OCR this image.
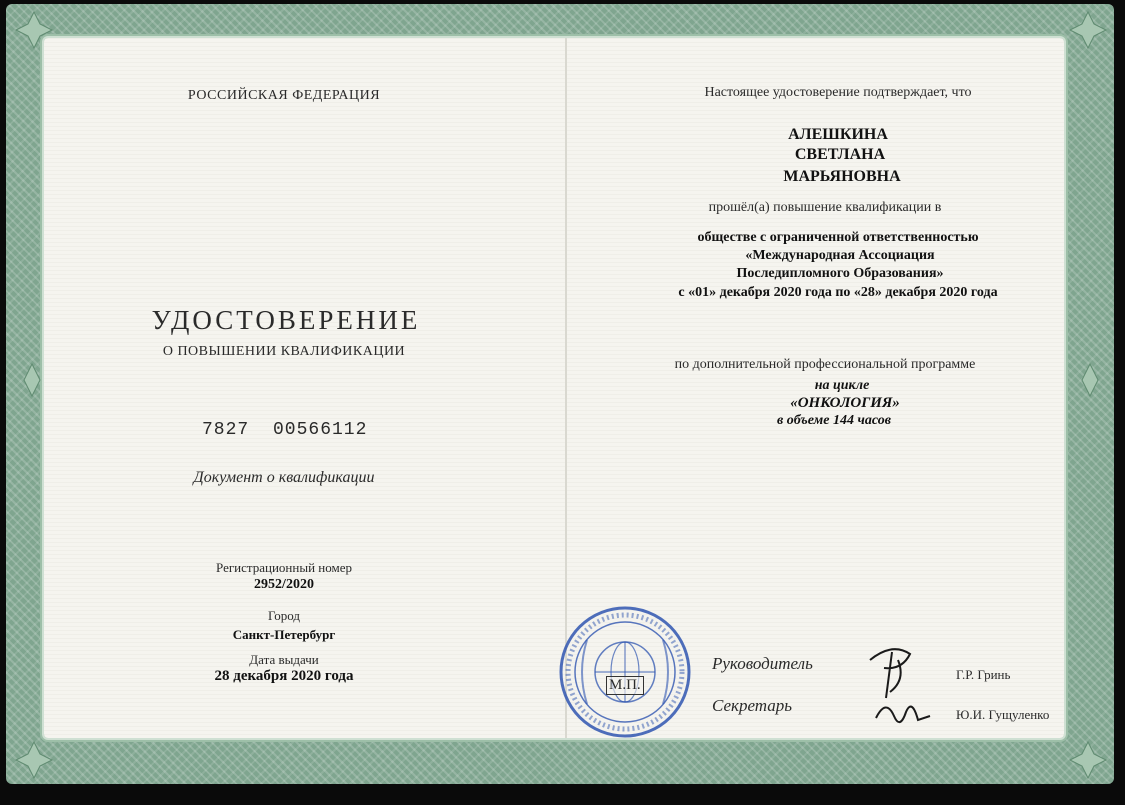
РОССИЙСКАЯ ФЕДЕРАЦИЯ
УДОСТОВЕРЕНИЕ
О ПОВЫШЕНИИ КВАЛИФИКАЦИИ
7827 00566112
Документ о квалификации
Регистрационный номер
2952/2020
Город
Санкт-Петербург
Дата выдачи
28 декабря 2020 года
Настоящее удостоверение подтверждает, что
АЛЕШКИНА
СВЕТЛАНА
МАРЬЯНОВНА
прошёл(а) повышение квалификации в
обществе с ограниченной ответственностью
«Международная Ассоциация
Последипломного Образования»
с «01» декабря 2020 года по «28» декабря 2020 года
по дополнительной профессиональной программе
на цикле
«ОНКОЛОГИЯ»
в объеме 144 часов
М.П.
Руководитель
Г.Р. Гринь
Секретарь	Ю.И. Гущуленко
